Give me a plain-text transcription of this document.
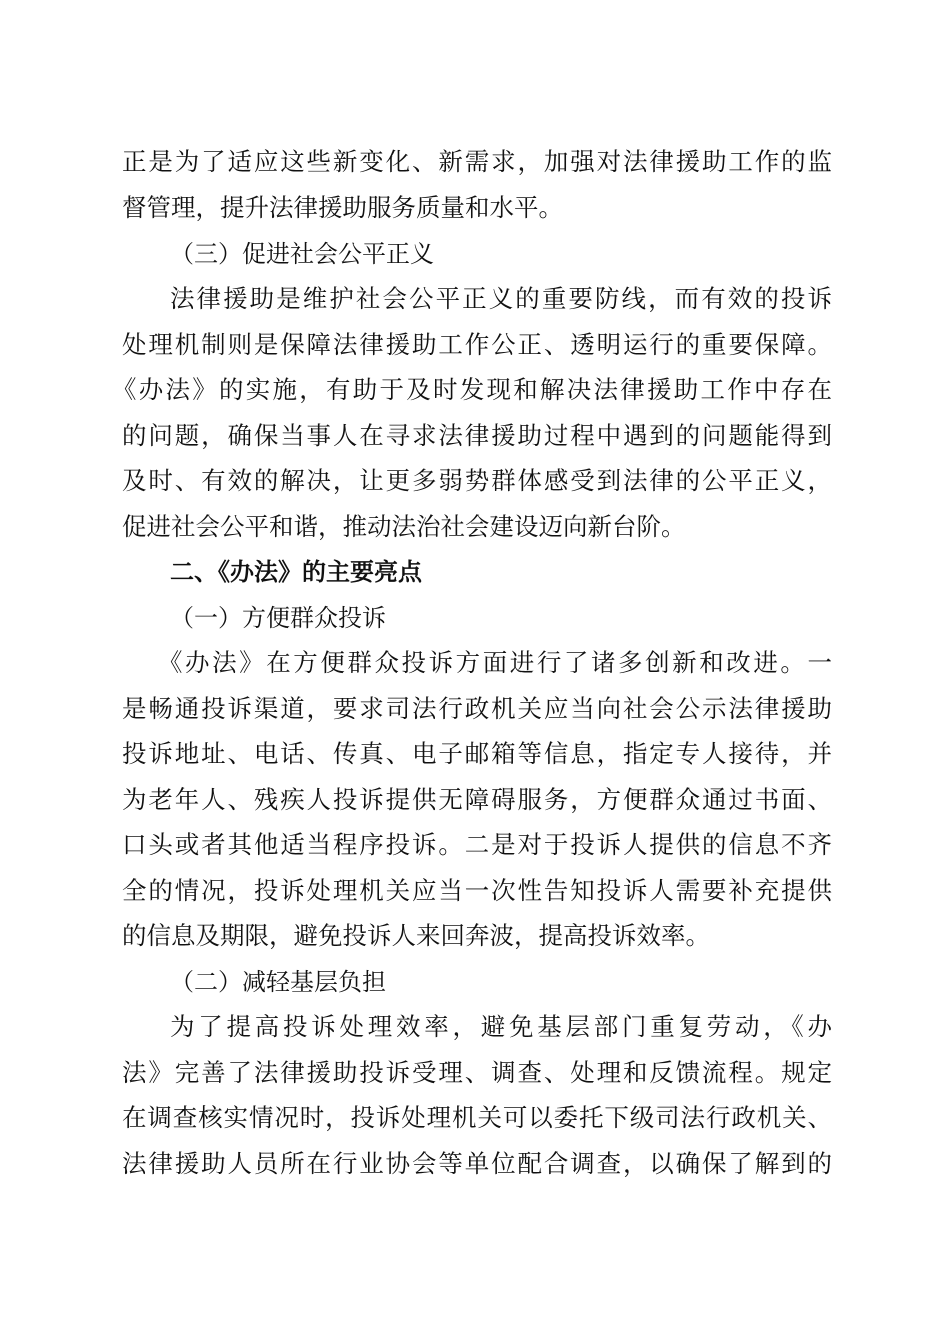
正是为了适应这些新变化、新需求，加强对法律援助工作的监
督管理，提升法律援助服务质量和水平。
（三）促进社会公平正义
法律援助是维护社会公平正义的重要防线，而有效的投诉
处理机制则是保障法律援助工作公正、透明运行的重要保障。
《办法》的实施，有助于及时发现和解决法律援助工作中存在
的问题，确保当事人在寻求法律援助过程中遇到的问题能得到
及时、有效的解决，让更多弱势群体感受到法律的公平正义，
促进社会公平和谐，推动法治社会建设迈向新台阶。
二、《办法》的主要亮点
（一）方便群众投诉
《办法》在方便群众投诉方面进行了诸多创新和改进。一
是畅通投诉渠道，要求司法行政机关应当向社会公示法律援助
投诉地址、电话、传真、电子邮箱等信息，指定专人接待，并
为老年人、残疾人投诉提供无障碍服务，方便群众通过书面、
口头或者其他适当程序投诉。二是对于投诉人提供的信息不齐
全的情况，投诉处理机关应当一次性告知投诉人需要补充提供
的信息及期限，避免投诉人来回奔波，提高投诉效率。
（二）减轻基层负担
为了提高投诉处理效率，避免基层部门重复劳动，《办
法》完善了法律援助投诉受理、调查、处理和反馈流程。规定
在调查核实情况时，投诉处理机关可以委托下级司法行政机关、
法律援助人员所在行业协会等单位配合调查，以确保了解到的
